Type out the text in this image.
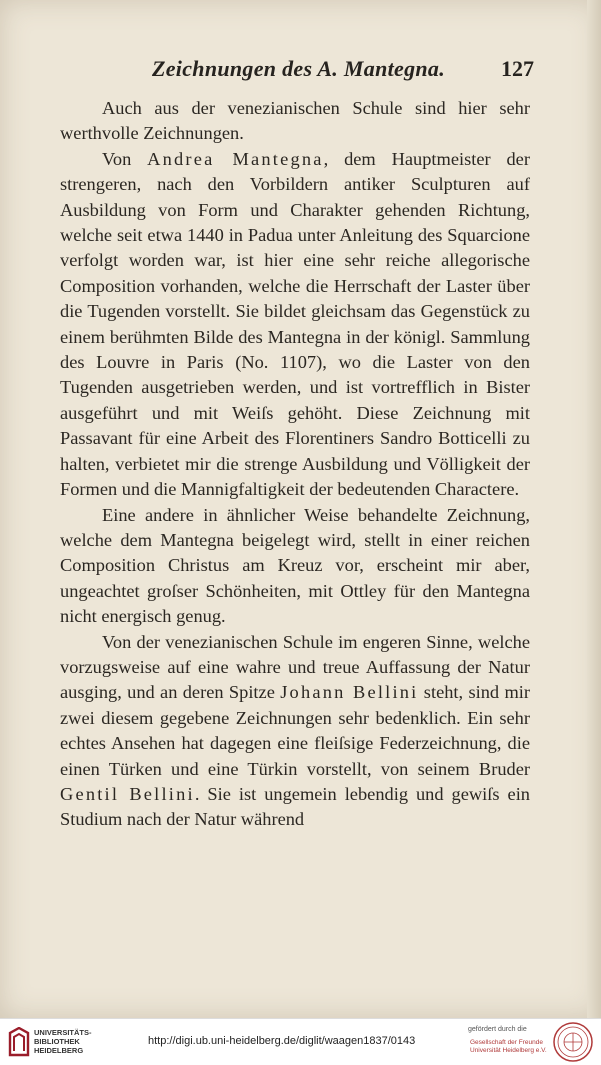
Zeichnungen des A. Mantegna.	127

Auch aus der venezianischen Schule sind hier sehr werthvolle Zeichnungen.

Von Andrea Mantegna, dem Hauptmeister der strengeren, nach den Vorbildern antiker Sculpturen auf Ausbildung von Form und Charakter gehenden Richtung, welche seit etwa 1440 in Padua unter Anleitung des Squarcione verfolgt worden war, ist hier eine sehr reiche allegorische Composition vorhanden, welche die Herrschaft der Laster über die Tugenden vorstellt. Sie bildet gleichsam das Gegenstück zu einem berühmten Bilde des Mantegna in der königl. Sammlung des Louvre in Paris (No. 1107), wo die Laster von den Tugenden ausgetrieben werden, und ist vortrefflich in Bister ausgeführt und mit Weiſs gehöht. Diese Zeichnung mit Passavant für eine Arbeit des Florentiners Sandro Botticelli zu halten, verbietet mir die strenge Ausbildung und Völligkeit der Formen und die Mannigfaltigkeit der bedeutenden Charactere.

Eine andere in ähnlicher Weise behandelte Zeichnung, welche dem Mantegna beigelegt wird, stellt in einer reichen Composition Christus am Kreuz vor, erscheint mir aber, ungeachtet groſser Schönheiten, mit Ottley für den Mantegna nicht energisch genug.

Von der venezianischen Schule im engeren Sinne, welche vorzugsweise auf eine wahre und treue Auffassung der Natur ausging, und an deren Spitze Johann Bellini steht, sind mir zwei diesem gegebene Zeichnungen sehr bedenklich. Ein sehr echtes Ansehen hat dagegen eine fleiſsige Federzeichnung, die einen Türken und eine Türkin vorstellt, von seinem Bruder Gentil Bellini. Sie ist ungemein lebendig und gewiſs ein Studium nach der Natur während

UNIVERSITÄTS-
BIBLIOTHEK
HEIDELBERG
http://digi.ub.uni-heidelberg.de/diglit/waagen1837/0143
gefördert durch die
Gesellschaft der Freunde
Universität Heidelberg e.V.
